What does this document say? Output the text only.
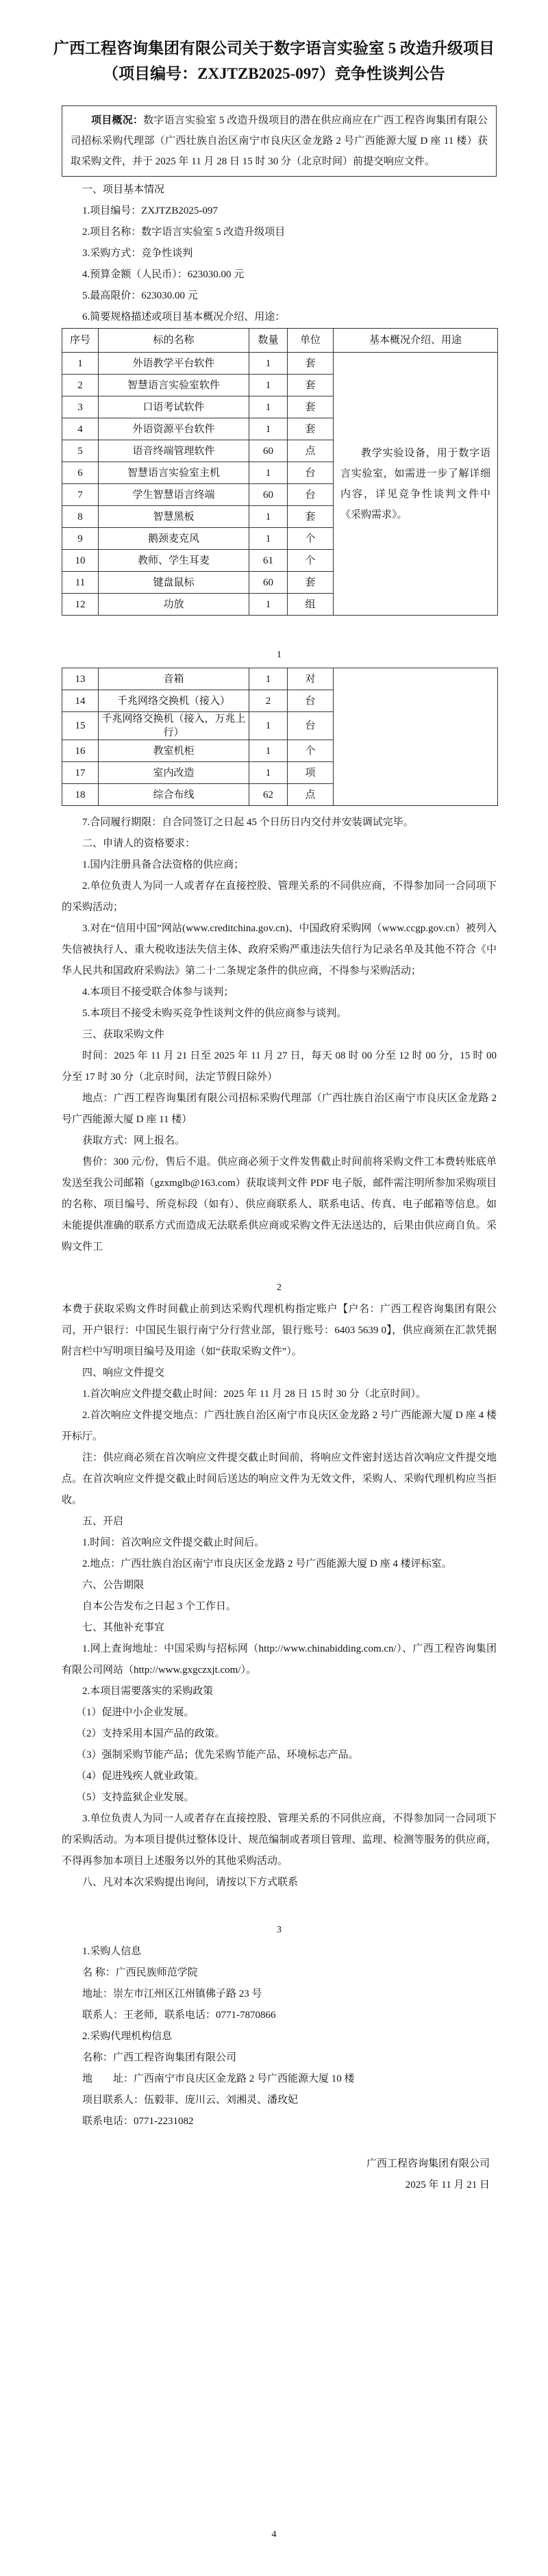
广西工程咨询集团有限公司关于数字语言实验室 5 改造升级项目

（项目编号：ZXJTZB2025-097）竞争性谈判公告

项目概况：数字语言实验室 5 改造升级项目的潜在供应商应在广西工程咨询集团有限公司招标采购代理部（广西壮族自治区南宁市良庆区金龙路 2 号广西能源大厦 D 座 11 楼）获取采购文件，并于 2025 年 11 月 28 日 15 时 30 分（北京时间）前提交响应文件。

一、项目基本情况

1.项目编号：ZXJTZB2025-097

2.项目名称：数字语言实验室 5 改造升级项目

3.采购方式：竞争性谈判

4.预算金额（人民币）：623030.00 元

5.最高限价：623030.00 元

6.简要规格描述或项目基本概况介绍、用途：

序号	标的名称	数量	单位	基本概况介绍、用途
1	外语教学平台软件	1	套	教学实验设备，用于数字语言实验室，如需进一步了解详细内容，详见竞争性谈判文件中《采购需求》。
2	智慧语言实验室软件	1	套	
3	口语考试软件	1	套	
4	外语资源平台软件	1	套	
5	语音终端管理软件	60	点	
6	智慧语言实验室主机	1	台	
7	学生智慧语言终端	60	台	
8	智慧黑板	1	套	
9	鹅颈麦克风	1	个	
10	教师、学生耳麦	61	个	
11	键盘鼠标	60	套	
12	功放	1	组	

1

13	音箱	1	对	
14	千兆网络交换机（接入）	2	台	
15	千兆网络交换机（接入，万兆上行）	1	台	
16	教室机柜	1	个	
17	室内改造	1	项	
18	综合布线	62	点	

7.合同履行期限：自合同签订之日起 45 个日历日内交付并安装调试完毕。

二、申请人的资格要求：

1.国内注册具备合法资格的供应商；

2.单位负责人为同一人或者存在直接控股、管理关系的不同供应商，不得参加同一合同项下的采购活动；

3.对在“信用中国”网站(www.creditchina.gov.cn)、中国政府采购网（www.ccgp.gov.cn）被列入失信被执行人、重大税收违法失信主体、政府采购严重违法失信行为记录名单及其他不符合《中华人民共和国政府采购法》第二十二条规定条件的供应商，不得参与采购活动；

4.本项目不接受联合体参与谈判；

5.本项目不接受未购买竞争性谈判文件的供应商参与谈判。

三、获取采购文件

时间：2025 年 11 月 21 日至 2025 年 11 月 27 日，每天 08 时 00 分至 12 时 00 分，15 时 00 分至 17 时 30 分（北京时间，法定节假日除外）

地点：广西工程咨询集团有限公司招标采购代理部（广西壮族自治区南宁市良庆区金龙路 2 号广西能源大厦 D 座 11 楼）

获取方式：网上报名。

售价：300 元/份，售后不退。供应商必须于文件发售截止时间前将采购文件工本费转账底单发送至我公司邮箱（gzxmglb@163.com）获取谈判文件 PDF 电子版，邮件需注明所参加采购项目的名称、项目编号、所竞标段（如有）、供应商联系人、联系电话、传真、电子邮箱等信息。如未能提供准确的联系方式而造成无法联系供应商或采购文件无法送达的，后果由供应商自负。采购文件工

2

本费于获取采购文件时间截止前到达采购代理机构指定账户【户名：广西工程咨询集团有限公司，开户银行：中国民生银行南宁分行营业部，银行账号：6403 5639 0】，供应商须在汇款凭据附言栏中写明项目编号及用途（如“获取采购文件”）。

四、响应文件提交

1.首次响应文件提交截止时间：2025 年 11 月 28 日 15 时 30 分（北京时间）。

2.首次响应文件提交地点：广西壮族自治区南宁市良庆区金龙路 2 号广西能源大厦 D 座 4 楼开标厅。

注：供应商必须在首次响应文件提交截止时间前，将响应文件密封送达首次响应文件提交地点。在首次响应文件提交截止时间后送达的响应文件为无效文件，采购人、采购代理机构应当拒收。

五、开启

1.时间：首次响应文件提交截止时间后。

2.地点：广西壮族自治区南宁市良庆区金龙路 2 号广西能源大厦 D 座 4 楼评标室。

六、公告期限

自本公告发布之日起 3 个工作日。

七、其他补充事宜

1.网上查询地址：中国采购与招标网（http://www.chinabidding.com.cn/）、广西工程咨询集团有限公司网站（http://www.gxgczxjt.com/）。

2.本项目需要落实的采购政策

（1）促进中小企业发展。

（2）支持采用本国产品的政策。

（3）强制采购节能产品；优先采购节能产品、环境标志产品。

（4）促进残疾人就业政策。

（5）支持监狱企业发展。

3.单位负责人为同一人或者存在直接控股、管理关系的不同供应商，不得参加同一合同项下的采购活动。为本项目提供过整体设计、规范编制或者项目管理、监理、检测等服务的供应商，不得再参加本项目上述服务以外的其他采购活动。

八、凡对本次采购提出询问，请按以下方式联系

3

1.采购人信息

名 称：广西民族师范学院

地址：崇左市江州区江州镇佛子路 23 号

联系人：王老师，联系电话：0771-7870866

2.采购代理机构信息

名称：广西工程咨询集团有限公司

地　　址：广西南宁市良庆区金龙路 2 号广西能源大厦 10 楼

项目联系人：伍毅菲、庞川云、刘湘灵、潘玫妃

联系电话：0771-2231082

广西工程咨询集团有限公司

2025 年 11 月 21 日

4
